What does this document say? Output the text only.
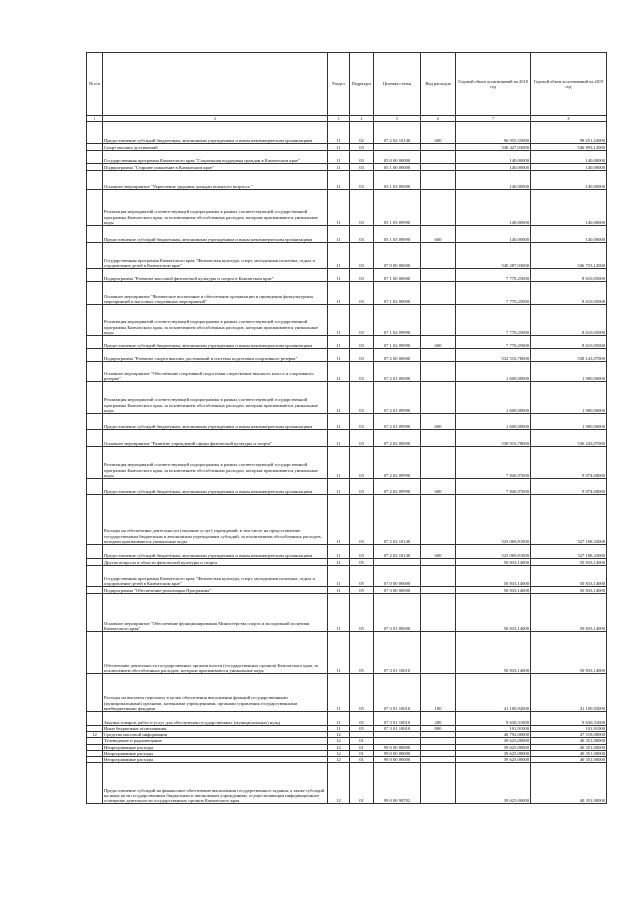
№ п/п		Раздел	Подраздел	Целевая статья	Вид расходов	Годовой объем ассигнований на 2018 год	Годовой объем ассигнований на 2019 год
1	2	3	4	5	6	7	8
	Предоставление субсидий бюджетным, автономным учреждениям и иным некоммерческим организациям	11	02	07 2 02 10140	600	96 955,55000	98 251,24000
	Спорт высших достижений	11	03			540 427,03000	546 893,12000
	Государственная программа Камчатского края "Социальная поддержка граждан в Камчатском крае"	11	03	05 0 00 00000		140,00000	140,00000
	Подпрограмма "Старшее поколение в Камчатском крае"	11	03	05 1 00 00000		140,00000	140,00000
	Основное мероприятие "Укрепление здоровья граждан пожилого возраста "	11	03	05 1 03 00000		140,00000	140,00000
	Реализация мероприятий соответствующей подпрограммы в рамках соответствующей государственной программы Камчатского края, за исключением обособленных расходов, которым присваиваются уникальные коды	11	03	05 1 03 09990		140,00000	140,00000
	Предоставление субсидий бюджетным, автономным учреждениям и иным некоммерческим организациям	11	03	05 1 03 09990	600	140,00000	140,00000
	Государственная программа Камчатского края "Физическая культура, спорт, молодежная политика, отдых и оздоровление детей в Камчатском крае"	11	03	07 0 00 00000		540 287,03000	546 753,12000
	Подпрограмма "Развитие массовой физической культуры и спорта в Камчатском крае"	11	03	07 1 00 00000		7 770,25000	8 610,05000
	Основное мероприятие "Физическое воспитание и обеспечение организации и проведения физкультурных мероприятий и массовых спортивных мероприятий"	11	03	07 1 02 00000		7 770,25000	8 610,05000
	Реализация мероприятий соответствующей подпрограммы в рамках соответствующей государственной программы Камчатского края, за исключением обособленных расходов, которым присваиваются уникальные коды	11	03	07 1 02 09990		7 770,25000	8 610,05000
	Предоставление субсидий бюджетным, автономным учреждениям и иным некоммерческим организациям	11	03	07 1 02 09990	600	7 770,25000	8 610,05000
	Подпрограмма "Развитие спорта высших достижений и системы подготовки спортивного резерва"	11	03	07 2 00 00000		532 516,78000	538 143,07000
	Основное мероприятие "Обеспечение спортивной подготовки спортсменов высокого класса и спортивного резерва"	11	03	07 2 01 00000		1 600,00000	1 900,00000
	Реализация мероприятий соответствующей подпрограммы в рамках соответствующей государственной программы Камчатского края, за исключением обособленных расходов, которым присваиваются уникальные коды	11	03	07 2 01 09990		1 600,00000	1 900,00000
	Предоставление субсидий бюджетным, автономным учреждениям и иным некоммерческим организациям	11	03	07 2 01 09990	600	1 600,00000	1 900,00000
	Основное мероприятие "Развитие учреждений сферы физической культуры и спорта"	11	03	07 2 02 00000		530 916,78000	536 243,07000
	Реализация мероприятий соответствующей подпрограммы в рамках соответствующей государственной программы Камчатского края, за исключением обособленных расходов, которым присваиваются уникальные коды	11	03	07 2 02 09990		7 846,97000	9 074,60000
	Предоставление субсидий бюджетным, автономным учреждениям и иным некоммерческим организациям	11	03	07 2 02 09990	600	7 846,97000	9 074,60000
	Расходы на обеспечение деятельности (оказание услуг) учреждений, в том числе на предоставление государственным бюджетным и автономным учреждениям субсидий, за исключением обособленных расходов, которым присваиваются уникальные коды	11	03	07 2 02 10140		523 069,81000	527 168,43000
	Предоставление субсидий бюджетным, автономным учреждениям и иным некоммерческим организациям	11	03	07 2 02 10140	600	523 069,81000	527 168,43000
	Другие вопросы в области физической культуры и спорта	11	05			50 833,14000	50 833,14000
	Государственная программа Камчатского края "Физическая культура, спорт, молодежная политика, отдых и оздоровление детей в Камчатском крае"	11	05	07 0 00 00000		50 833,14000	50 833,14000
	Подпрограмма "Обеспечение реализации Программы"	11	05	07 3 00 00000		50 833,14000	50 833,14000
	Основное мероприятие "Обеспечение функционирования Министерства спорта и молодежной политики Камчатского края"	11	05	07 3 01 00000		50 833,14000	50 833,14000
	Обеспечение деятельности государственных органов власти (государственных органов) Камчатского края, за исключением обособленных расходов, которым присваиваются уникальные коды	11	05	07 3 01 10010		50 833,14000	50 833,14000
	Расходы на выплаты персоналу в целях обеспечения выполнения функций государственными (муниципальными) органами, казенными учреждениями, органами управления государственными внебюджетными фондами	11	05	07 3 01 10010	100	41 100,92000	41 100,92000
	Закупка товаров, работ и услуг для обеспечения государственных (муниципальных) нужд	11	05	07 3 01 10010	200	9 630,31000	9 630,31000
	Иные бюджетные ассигнования	11	05	07 3 01 10010	800	101,91000	101,91000
12	Средства массовой информации	12				46 792,00000	47 518,00000
	Телевидение и радиовещание	12	01			39 625,00000	40 351,00000
	Непрограммные расходы	12	01	99 0 00 00000		39 625,00000	40 351,00000
	Непрограммные расходы	12	01	99 0 00 00000		39 625,00000	40 351,00000
	Непрограммные расходы	12	01	99 0 00 00000		39 625,00000	40 351,00000
	Предоставление субсидий на финансовое обеспечение выполнения государственного задания, а также субсидий на иные цели государственным бюджетным и автономным учреждениям, осуществляющим информационное освещение деятельности государственных органов Камчатского края	12	01	99 0 00 98702		39 625,00000	40 351,00000
